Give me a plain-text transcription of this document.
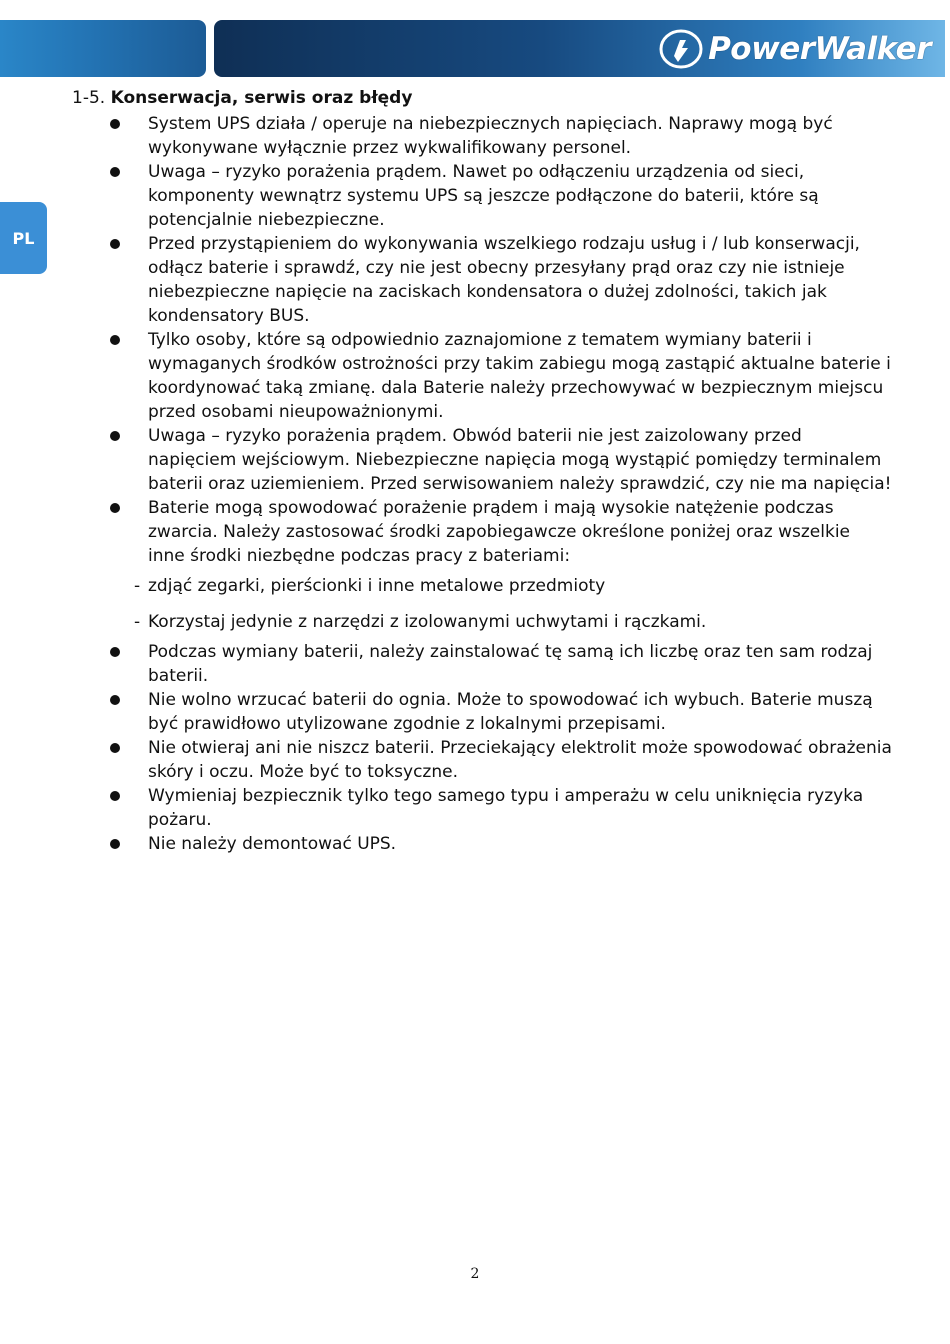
PowerWalker
PL
1-5. Konserwacja, serwis oraz błędy
System UPS działa / operuje na niebezpiecznych napięciach. Naprawy mogą być wykonywane wyłącznie przez wykwalifikowany personel.
Uwaga – ryzyko porażenia prądem. Nawet po odłączeniu urządzenia od sieci, komponenty wewnątrz systemu UPS są jeszcze podłączone do baterii, które są potencjalnie niebezpieczne.
Przed przystąpieniem do wykonywania wszelkiego rodzaju usług i / lub konserwacji, odłącz baterie i sprawdź, czy nie jest obecny przesyłany prąd oraz czy nie istnieje niebezpieczne napięcie na zaciskach kondensatora o dużej zdolności, takich jak kondensatory BUS.
Tylko osoby, które są odpowiednio zaznajomione z tematem wymiany baterii i wymaganych środków ostrożności przy takim zabiegu mogą zastąpić aktualne baterie i koordynować taką zmianę. dala Baterie należy przechowywać w bezpiecznym miejscu przed osobami nieupoważnionymi.
Uwaga – ryzyko porażenia prądem. Obwód baterii nie jest zaizolowany przed napięciem wejściowym. Niebezpieczne napięcia mogą wystąpić pomiędzy terminalem baterii oraz uziemieniem. Przed serwisowaniem należy sprawdzić, czy nie ma napięcia!
Baterie mogą spowodować porażenie prądem i mają wysokie natężenie podczas zwarcia. Należy zastosować środki zapobiegawcze określone poniżej oraz wszelkie inne środki niezbędne podczas pracy z bateriami:
- zdjąć zegarki, pierścionki i inne metalowe przedmioty
- Korzystaj jedynie z narzędzi z izolowanymi uchwytami i rączkami.
Podczas wymiany baterii, należy zainstalować tę samą ich liczbę oraz ten sam rodzaj baterii.
Nie wolno wrzucać baterii do ognia. Może to spowodować ich wybuch. Baterie muszą być prawidłowo utylizowane zgodnie z lokalnymi przepisami.
Nie otwieraj ani nie niszcz baterii. Przeciekający elektrolit może spowodować obrażenia skóry i oczu. Może być to toksyczne.
Wymieniaj bezpiecznik tylko tego samego typu i amperażu w celu uniknięcia ryzyka pożaru.
Nie należy demontować UPS.
2
